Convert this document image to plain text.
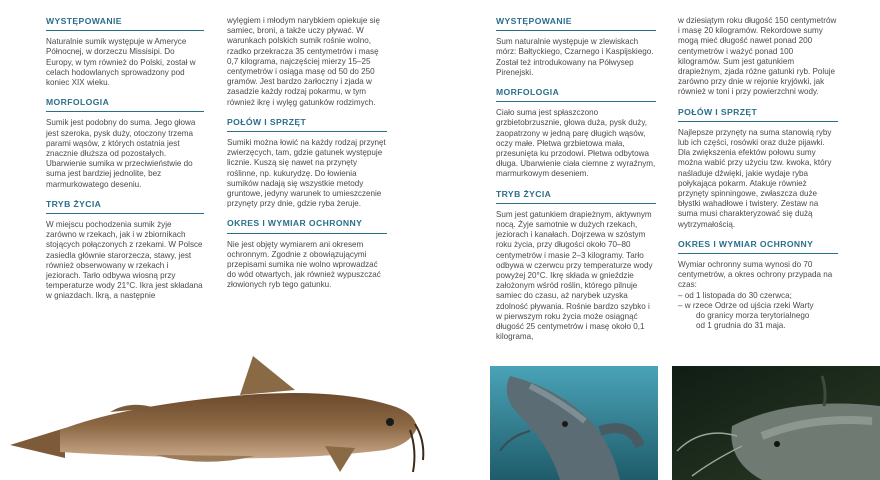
WYSTĘPOWANIE

Naturalnie sumik występuje w Ameryce Północnej, w dorzeczu Missisipi. Do Europy, w tym również do Polski, został w celach hodowlanych sprowadzony pod koniec XIX wieku.

MORFOLOGIA

Sumik jest podobny do suma. Jego głowa jest szeroka, pysk duży, otoczony trzema parami wąsów, z których ostatnia jest znacznie dłuższa od pozostałych. Ubarwienie sumika w przeciwieństwie do suma jest bardziej jednolite, bez marmurkowatego deseniu.

TRYB ŻYCIA

W miejscu pochodzenia sumik żyje zarówno w rzekach, jak i w zbiornikach stojących połączonych z rzekami. W Polsce zasiedla głównie starorzecza, stawy, jest również obserwowany w rzekach i jeziorach. Tarło odbywa wiosną przy temperaturze wody 21°C. Ikra jest składana w gniazdach. Ikrą, a następnie

wylęgiem i młodym narybkiem opiekuje się samiec, broni, a także uczy pływać. W warunkach polskich sumik rośnie wolno, rzadko przekracza 35 centymetrów i masę 0,7 kilograma, najczęściej mierzy 15–25 centymetrów i osiąga masę od 50 do 250 gramów. Jest bardzo żarłoczny i zjada w zasadzie każdy rodzaj pokarmu, w tym również ikrę i wylęg gatunków rodzimych.

POŁÓW I SPRZĘT

Sumiki można łowić na każdy rodzaj przynęt zwierzęcych, tam, gdzie gatunek występuje licznie. Kuszą się nawet na przynęty roślinne, np. kukurydzę. Do łowienia sumików nadają się wszystkie metody gruntowe, jedyny warunek to umieszczenie przynęty przy dnie, gdzie ryba żeruje.

OKRES I WYMIAR OCHRONNY

Nie jest objęty wymiarem ani okresem ochronnym. Zgodnie z obowiązującymi przepisami sumika nie wolno wprowadzać do wód otwartych, jak również wypuszczać złowionych ryb tego gatunku.

WYSTĘPOWANIE

Sum naturalnie występuje w zlewiskach mórz: Bałtyckiego, Czarnego i Kaspijskiego. Został też introdukowany na Półwysep Pirenejski.

MORFOLOGIA

Ciało suma jest spłaszczono grzbietobrzusznie, głowa duża, pysk duży, zaopatrzony w jedną parę długich wąsów, oczy małe. Płetwa grzbietowa mała, przesunięta ku przodowi. Płetwa odbytowa długa. Ubarwienie ciała ciemne z wyraźnym, marmurkowym deseniem.

TRYB ŻYCIA

Sum jest gatunkiem drapieżnym, aktywnym nocą. Żyje samotnie w dużych rzekach, jeziorach i kanałach. Dojrzewa w szóstym roku życia, przy długości około 70–80 centymetrów i masie 2–3 kilogramy. Tarło odbywa w czerwcu przy temperaturze wody powyżej 20°C. Ikrę składa w gnieździe założonym wśród roślin, którego pilnuje samiec do czasu, aż narybek uzyska zdolność pływania. Rośnie bardzo szybko i w pierwszym roku życia może osiągnąć długość 25 centymetrów i masę około 0,1 kilograma,

w dziesiątym roku długość 150 centymetrów i masę 20 kilogramów. Rekordowe sumy mogą mieć długość nawet ponad 200 centymetrów i ważyć ponad 100 kilogramów. Sum jest gatunkiem drapieżnym, zjada różne gatunki ryb. Poluje zarówno przy dnie w rejonie kryjówki, jak również w toni i przy powierzchni wody.

POŁÓW I SPRZĘT

Najlepsze przynęty na suma stanowią ryby lub ich części, rosówki oraz duże pijawki. Dla zwiększenia efektów połowu sumy można wabić przy użyciu tzw. kwoka, który naśladuje dźwięki, jakie wydaje ryba połykająca pokarm. Atakuje również przynęty spinningowe, zwłaszcza duże błystki wahadłowe i twistery. Zestaw na suma musi charakteryzować się dużą wytrzymałością.

OKRES I WYMIAR OCHRONNY

Wymiar ochronny suma wynosi do 70 centymetrów, a okres ochrony przypada na czas:

– od 1 listopada do 30 czerwca;

– w rzece Odrze od ujścia rzeki Warty

do granicy morza terytorialnego

od 1 grudnia do 31 maja.
